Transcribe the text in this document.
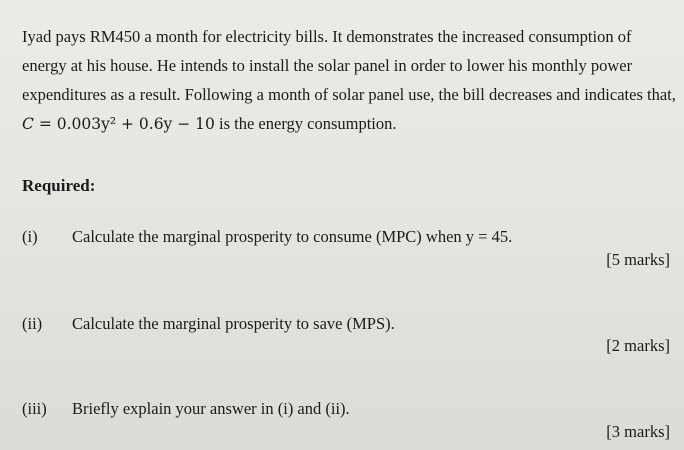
Iyad pays RM450 a month for electricity bills. It demonstrates the increased consumption of
energy at his house. He intends to install the solar panel in order to lower his monthly power
expenditures as a result. Following a month of solar panel use, the bill decreases and indicates that,
C = 0.003y² + 0.6y − 10 is the energy consumption.
Required:
(i) Calculate the marginal prosperity to consume (MPC) when y = 45.
[5 marks]
(ii) Calculate the marginal prosperity to save (MPS).
[2 marks]
(iii) Briefly explain your answer in (i) and (ii).
[3 marks]
